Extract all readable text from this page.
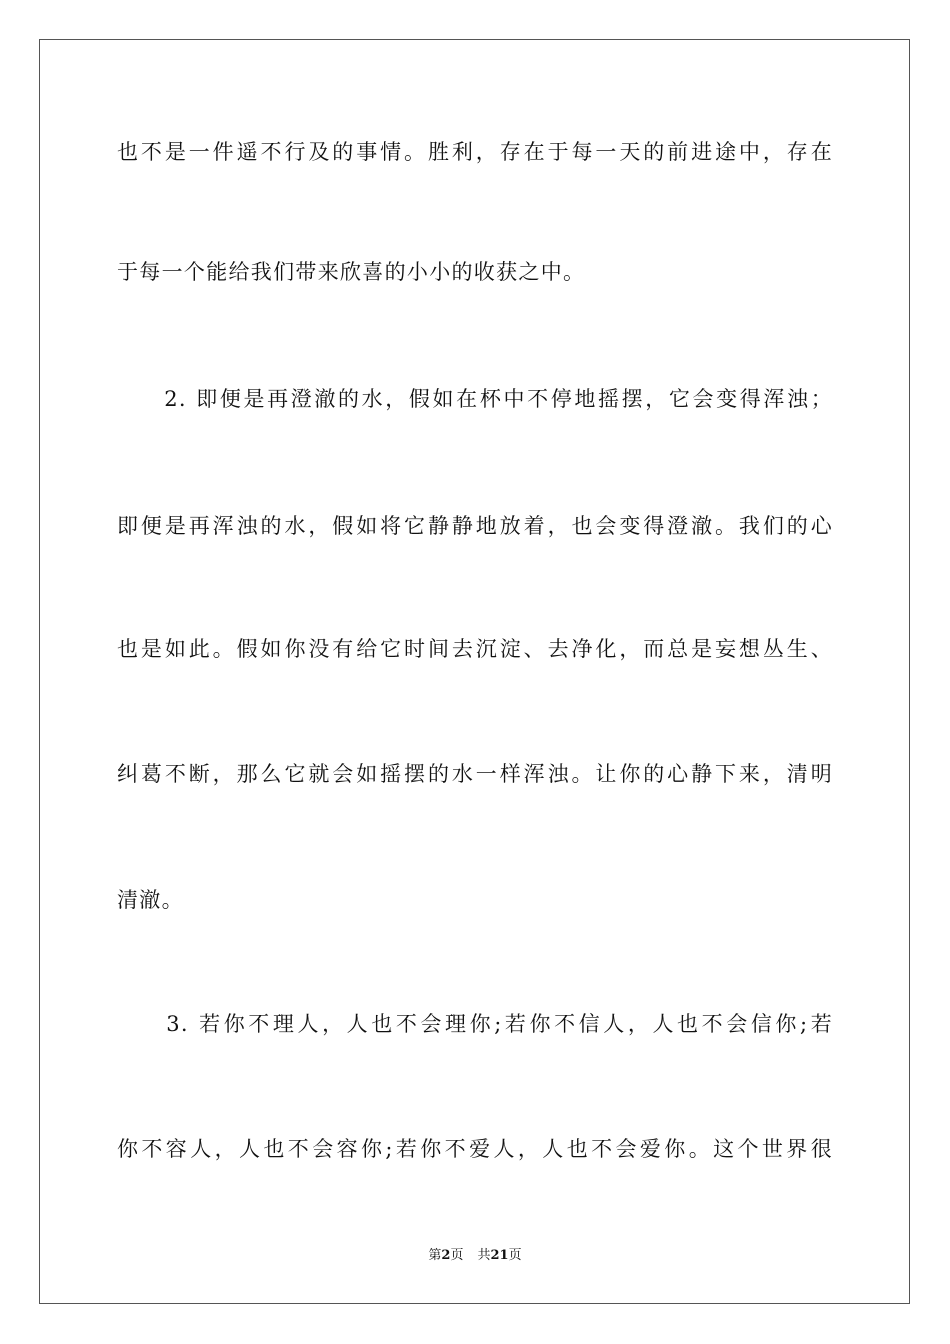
也不是一件遥不行及的事情。胜利，存在于每一天的前进途中，存在
于每一个能给我们带来欣喜的小小的收获之中。
　　2. 即便是再澄澈的水，假如在杯中不停地摇摆，它会变得浑浊；
即便是再浑浊的水，假如将它静静地放着，也会变得澄澈。我们的心
也是如此。假如你没有给它时间去沉淀、去净化，而总是妄想丛生、
纠葛不断，那么它就会如摇摆的水一样浑浊。让你的心静下来，清明
清澈。
　　3. 若你不理人，人也不会理你;若你不信人，人也不会信你;若
你不容人，人也不会容你;若你不爱人，人也不会爱你。这个世界很
第2页 共21页
